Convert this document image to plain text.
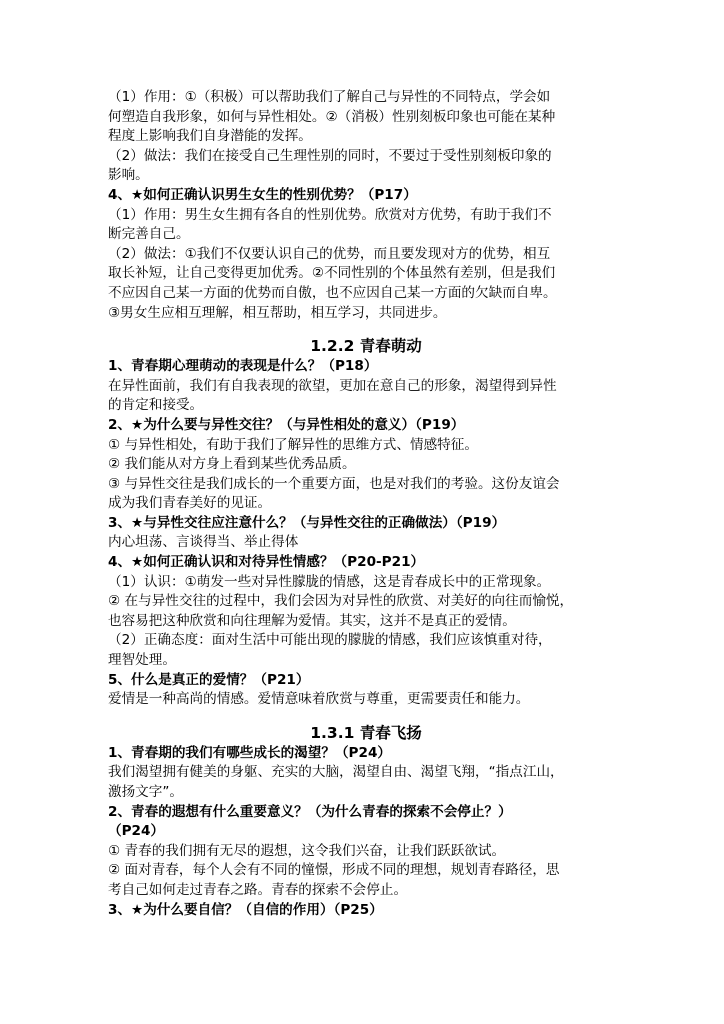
（1）作用：①（积极）可以帮助我们了解自己与异性的不同特点，学会如
何塑造自我形象，如何与异性相处。②（消极）性别刻板印象也可能在某种
程度上影响我们自身潜能的发挥。
（2）做法：我们在接受自己生理性别的同时，不要过于受性别刻板印象的
影响。
4、★如何正确认识男生女生的性别优势？（P17）
（1）作用：男生女生拥有各自的性别优势。欣赏对方优势，有助于我们不
断完善自己。
（2）做法：①我们不仅要认识自己的优势，而且要发现对方的优势，相互
取长补短，让自己变得更加优秀。②不同性别的个体虽然有差别，但是我们
不应因自己某一方面的优势而自傲，也不应因自己某一方面的欠缺而自卑。
③男女生应相互理解，相互帮助，相互学习，共同进步。
1.2.2 青春萌动
1、青春期心理萌动的表现是什么？（P18）
在异性面前，我们有自我表现的欲望，更加在意自己的形象，渴望得到异性
的肯定和接受。
2、★为什么要与异性交往？（与异性相处的意义）（P19）
① 与异性相处，有助于我们了解异性的思维方式、情感特征。
② 我们能从对方身上看到某些优秀品质。
③ 与异性交往是我们成长的一个重要方面，也是对我们的考验。这份友谊会
成为我们青春美好的见证。
3、★与异性交往应注意什么？（与异性交往的正确做法）（P19）
内心坦荡、言谈得当、举止得体
4、★如何正确认识和对待异性情感？（P20-P21）
（1）认识：①萌发一些对异性朦胧的情感，这是青春成长中的正常现象。
② 在与异性交往的过程中，我们会因为对异性的欣赏、对美好的向往而愉悦，
也容易把这种欣赏和向往理解为爱情。其实，这并不是真正的爱情。
（2）正确态度：面对生活中可能出现的朦胧的情感，我们应该慎重对待，
理智处理。
5、什么是真正的爱情？（P21）
爱情是一种高尚的情感。爱情意味着欣赏与尊重，更需要责任和能力。
1.3.1 青春飞扬
1、青春期的我们有哪些成长的渴望？（P24）
我们渴望拥有健美的身躯、充实的大脑，渴望自由、渴望飞翔，“指点江山，
激扬文字”。
2、青春的遐想有什么重要意义？（为什么青春的探索不会停止？）
（P24）
① 青春的我们拥有无尽的遐想，这令我们兴奋，让我们跃跃欲试。
② 面对青春，每个人会有不同的憧憬，形成不同的理想，规划青春路径，思
考自己如何走过青春之路。青春的探索不会停止。
3、★为什么要自信？（自信的作用）（P25）
